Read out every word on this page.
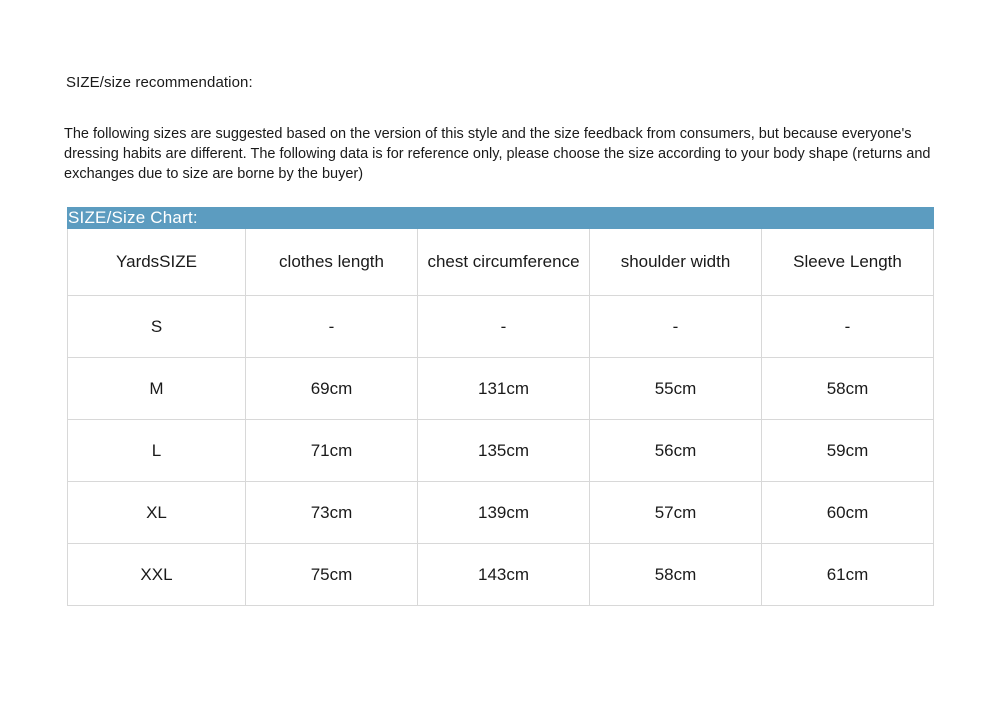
SIZE/size recommendation:
The following sizes are suggested based on the version of this style and the size feedback from consumers, but because everyone's dressing habits are different. The following data is for reference only, please choose the size according to your body shape (returns and exchanges due to size are borne by the buyer)
SIZE/Size Chart:				
YardsSIZE	clothes length	chest circumference	shoulder width	Sleeve Length
S	-	-	-	-
M	69cm	131cm	55cm	58cm
L	71cm	135cm	56cm	59cm
XL	73cm	139cm	57cm	60cm
XXL	75cm	143cm	58cm	61cm
